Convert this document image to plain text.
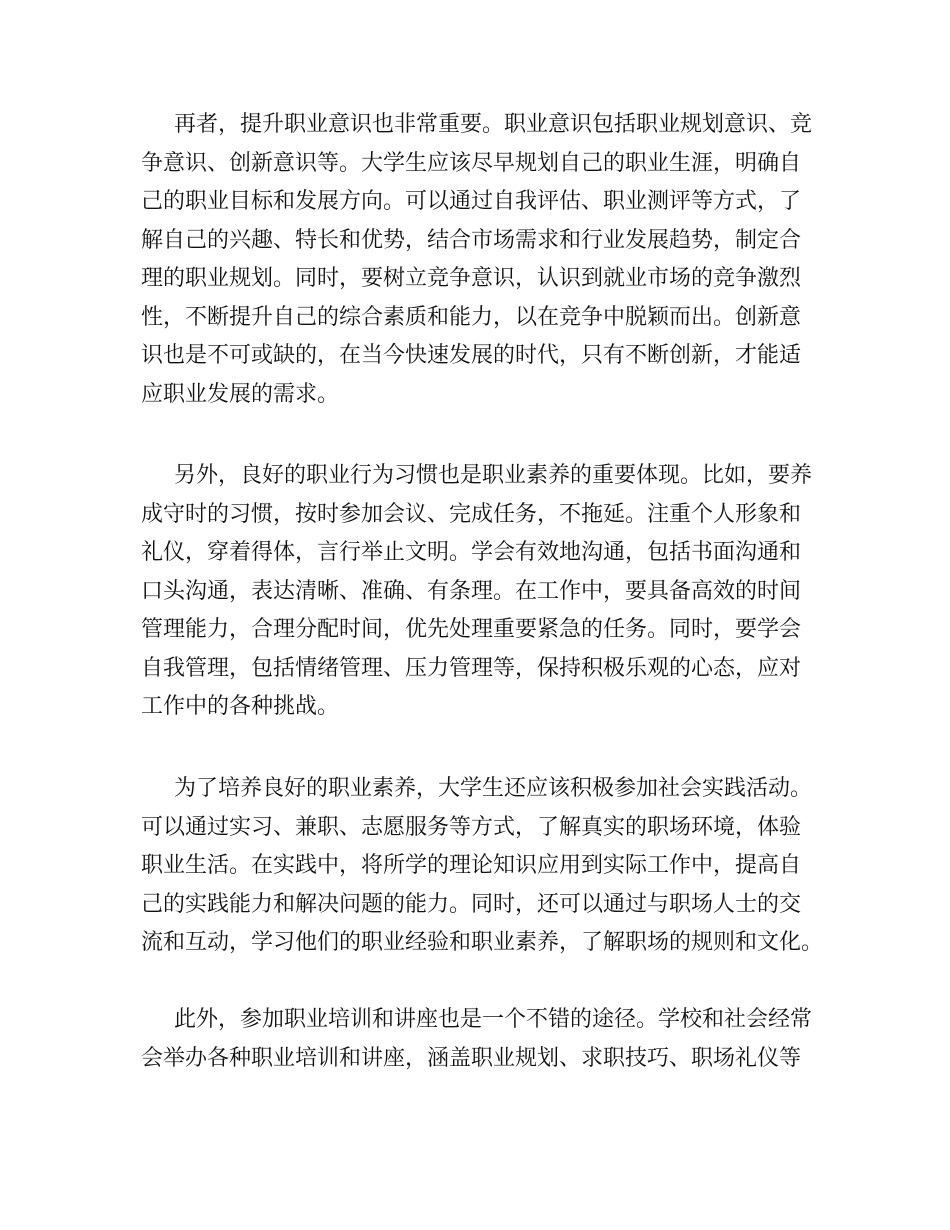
再者，提升职业意识也非常重要。职业意识包括职业规划意识、竞
争意识、创新意识等。大学生应该尽早规划自己的职业生涯，明确自
己的职业目标和发展方向。可以通过自我评估、职业测评等方式，了
解自己的兴趣、特长和优势，结合市场需求和行业发展趋势，制定合
理的职业规划。同时，要树立竞争意识，认识到就业市场的竞争激烈
性，不断提升自己的综合素质和能力，以在竞争中脱颖而出。创新意
识也是不可或缺的，在当今快速发展的时代，只有不断创新，才能适
应职业发展的需求。
另外，良好的职业行为习惯也是职业素养的重要体现。比如，要养
成守时的习惯，按时参加会议、完成任务，不拖延。注重个人形象和
礼仪，穿着得体，言行举止文明。学会有效地沟通，包括书面沟通和
口头沟通，表达清晰、准确、有条理。在工作中，要具备高效的时间
管理能力，合理分配时间，优先处理重要紧急的任务。同时，要学会
自我管理，包括情绪管理、压力管理等，保持积极乐观的心态，应对
工作中的各种挑战。
为了培养良好的职业素养，大学生还应该积极参加社会实践活动。
可以通过实习、兼职、志愿服务等方式，了解真实的职场环境，体验
职业生活。在实践中，将所学的理论知识应用到实际工作中，提高自
己的实践能力和解决问题的能力。同时，还可以通过与职场人士的交
流和互动，学习他们的职业经验和职业素养，了解职场的规则和文化。
此外，参加职业培训和讲座也是一个不错的途径。学校和社会经常
会举办各种职业培训和讲座，涵盖职业规划、求职技巧、职场礼仪等
